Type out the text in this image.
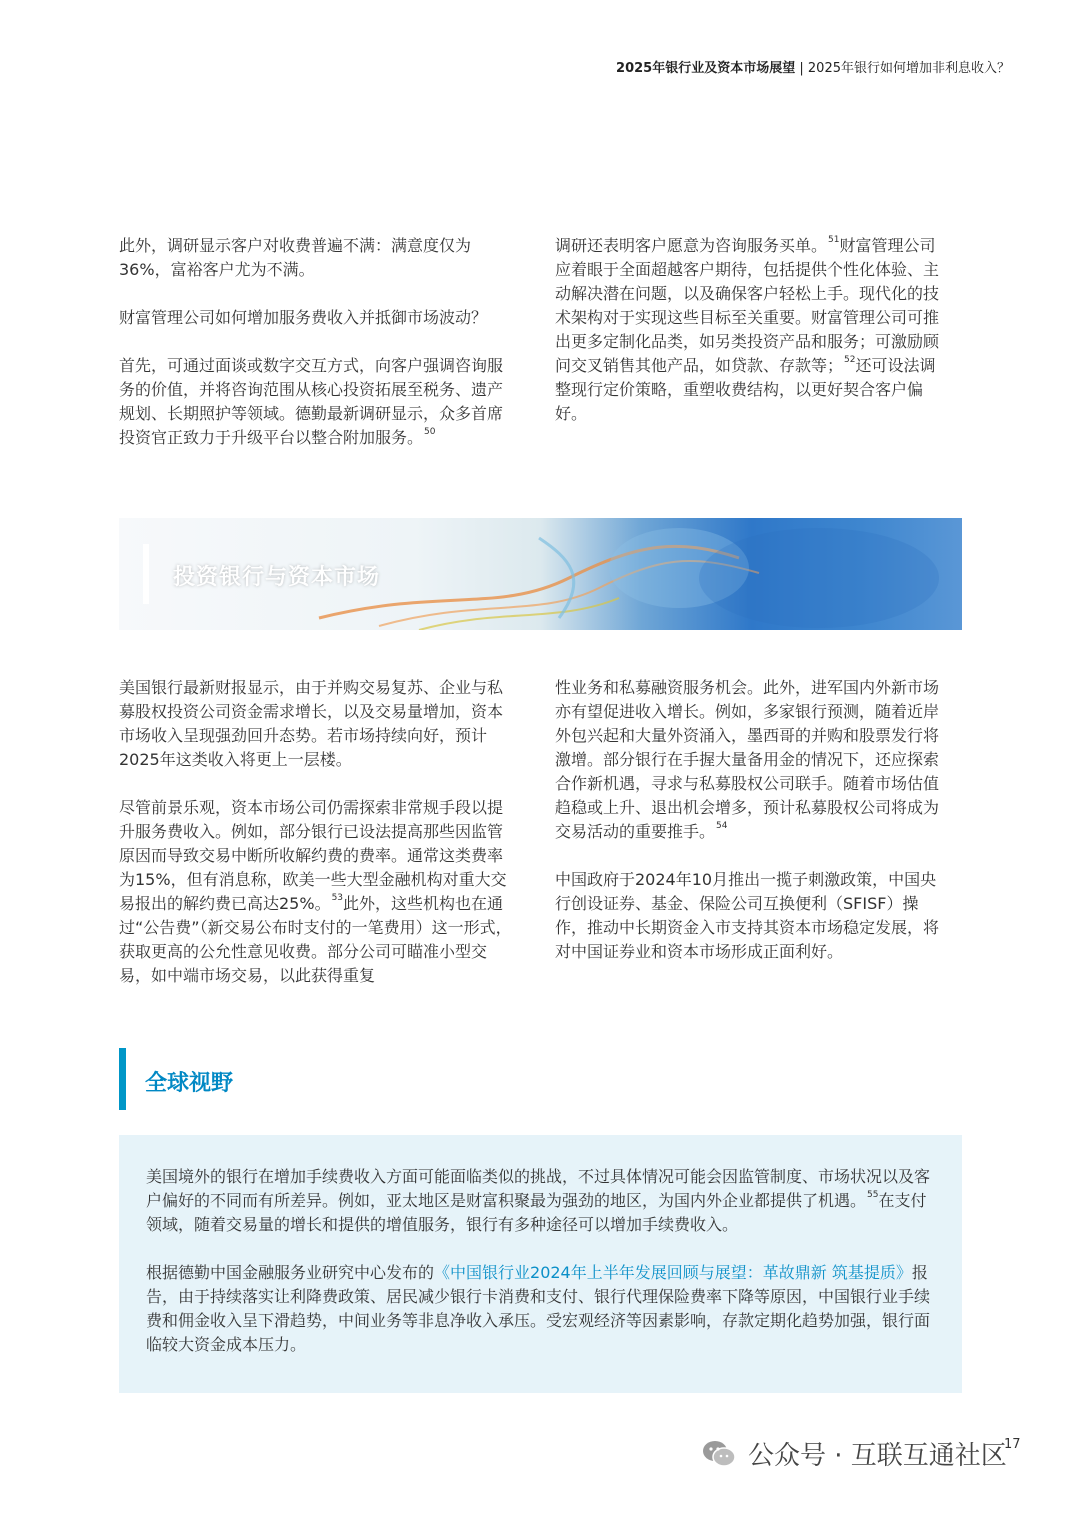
2025年银行业及资本市场展望 | 2025年银行如何增加非利息收入？

此外，调研显示客户对收费普遍不满：满意度仅为36%，富裕客户尤为不满。

财富管理公司如何增加服务费收入并抵御市场波动？

首先，可通过面谈或数字交互方式，向客户强调咨询服务的价值，并将咨询范围从核心投资拓展至税务、遗产规划、长期照护等领域。德勤最新调研显示，众多首席投资官正致力于升级平台以整合附加服务。$^{50}$

调研还表明客户愿意为咨询服务买单。$^{51}$财富管理公司应着眼于全面超越客户期待，包括提供个性化体验、主动解决潜在问题，以及确保客户轻松上手。现代化的技术架构对于实现这些目标至关重要。财富管理公司可推出更多定制化品类，如另类投资产品和服务；可激励顾问交叉销售其他产品，如贷款、存款等；$^{52}$还可设法调整现行定价策略，重塑收费结构，以更好契合客户偏好。

投资银行与资本市场

美国银行最新财报显示，由于并购交易复苏、企业与私募股权投资公司资金需求增长，以及交易量增加，资本市场收入呈现强劲回升态势。若市场持续向好，预计2025年这类收入将更上一层楼。

尽管前景乐观，资本市场公司仍需探索非常规手段以提升服务费收入。例如，部分银行已设法提高那些因监管原因而导致交易中断所收解约费的费率。通常这类费率为15%，但有消息称，欧美一些大型金融机构对重大交易报出的解约费已高达25%。$^{53}$此外，这些机构也在通过“公告费”（新交易公布时支付的一笔费用）这一形式，获取更高的公允性意见收费。部分公司可瞄准小型交易，如中端市场交易，以此获得重复

性业务和私募融资服务机会。此外，进军国内外新市场亦有望促进收入增长。例如，多家银行预测，随着近岸外包兴起和大量外资涌入，墨西哥的并购和股票发行将激增。部分银行在手握大量备用金的情况下，还应探索合作新机遇，寻求与私募股权公司联手。随着市场估值趋稳或上升、退出机会增多，预计私募股权公司将成为交易活动的重要推手。$^{54}$

中国政府于2024年10月推出一揽子刺激政策，中国央行创设证券、基金、保险公司互换便利（SFISF）操作，推动中长期资金入市支持其资本市场稳定发展，将对中国证券业和资本市场形成正面利好。

全球视野

美国境外的银行在增加手续费收入方面可能面临类似的挑战，不过具体情况可能会因监管制度、市场状况以及客户偏好的不同而有所差异。例如，亚太地区是财富积聚最为强劲的地区，为国内外企业都提供了机遇。$^{55}$在支付领域，随着交易量的增长和提供的增值服务，银行有多种途径可以增加手续费收入。

根据德勤中国金融服务业研究中心发布的《中国银行业2024年上半年发展回顾与展望：革故鼎新 筑基提质》报告，由于持续落实让利降费政策、居民减少银行卡消费和支付、银行代理保险费率下降等原因，中国银行业手续费和佣金收入呈下滑趋势，中间业务等非息净收入承压。受宏观经济等因素影响，存款定期化趋势加强，银行面临较大资金成本压力。

17
公众号 · 互联互通社区
